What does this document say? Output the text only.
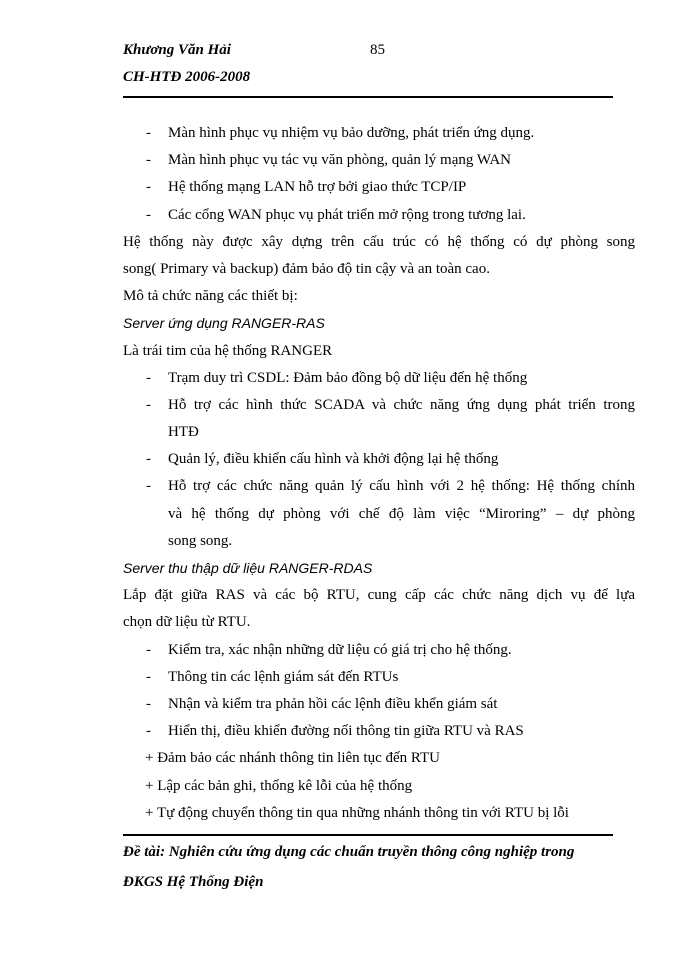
Khương Văn Hải	85
CH-HTĐ 2006-2008
- Màn hình phục vụ nhiệm vụ bảo dưỡng, phát triển ứng dụng.
- Màn hình phục vụ tác vụ văn phòng, quản lý mạng WAN
- Hệ thống mạng LAN hỗ trợ bởi giao thức TCP/IP
- Các cổng WAN phục vụ phát triển mở rộng trong tương lai.
Hệ thống này được xây dựng trên cấu trúc có hệ thống có dự phòng song
song( Primary và backup) đảm bảo độ tin cậy và an toàn cao.
Mô tả chức năng các thiết bị:
Server ứng dụng RANGER-RAS
Là trái tim của hệ thống RANGER
- Trạm duy trì CSDL: Đảm bảo đồng bộ dữ liệu đến hệ thống
- Hỗ trợ các hình thức SCADA và chức năng ứng dụng phát triển trong
HTĐ
- Quản lý, điều khiển cấu hình và khởi động lại hệ thống
- Hỗ trợ các chức năng quản lý cấu hình với 2 hệ thống: Hệ thống chính
và hệ thống dự phòng với chế độ làm việc “Miroring” – dự phòng
song song.
Server thu thập dữ liệu RANGER-RDAS
Lắp đặt giữa RAS và các bộ RTU, cung cấp các chức năng dịch vụ để lựa
chọn dữ liệu từ RTU.
- Kiểm tra, xác nhận những dữ liệu có giá trị cho hệ thống.
- Thông tin các lệnh giám sát đến RTUs
- Nhận và kiểm tra phản hồi các lệnh điều khển giám sát
- Hiển thị, điều khiển đường nối thông tin giữa RTU và RAS
+ Đảm bảo các nhánh thông tin liên tục đến RTU
+ Lập các bản ghi, thống kê lỗi của hệ thống
+ Tự động chuyển thông tin qua những nhánh thông tin với RTU bị lỗi
Đề tài: Nghiên cứu ứng dụng các chuẩn truyền thông công nghiệp trong
ĐKGS Hệ Thống Điện
